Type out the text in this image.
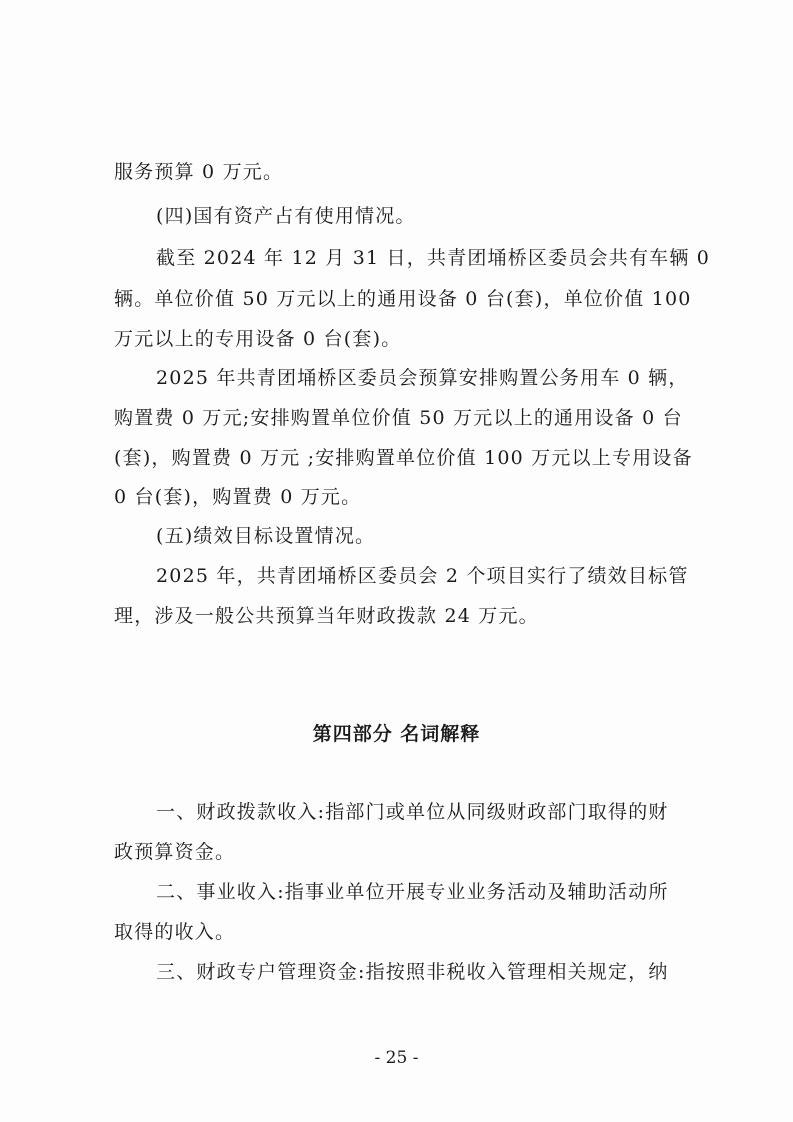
服务预算 0 万元。
(四)国有资产占有使用情况。
截至 2024 年 12 月 31 日，共青团埇桥区委员会共有车辆 0
辆。单位价值 50 万元以上的通用设备 0 台(套)，单位价值 100
万元以上的专用设备 0 台(套)。
2025 年共青团埇桥区委员会预算安排购置公务用车 0 辆，
购置费 0 万元;安排购置单位价值 50 万元以上的通用设备 0 台
(套)，购置费 0 万元 ;安排购置单位价值 100 万元以上专用设备
0 台(套)，购置费 0 万元。
(五)绩效目标设置情况。
2025 年，共青团埇桥区委员会 2 个项目实行了绩效目标管
理，涉及一般公共预算当年财政拨款 24 万元。
第四部分 名词解释
一、财政拨款收入:指部门或单位从同级财政部门取得的财
政预算资金。
二、事业收入:指事业单位开展专业业务活动及辅助活动所
取得的收入。
三、财政专户管理资金:指按照非税收入管理相关规定，纳
- 25 -
